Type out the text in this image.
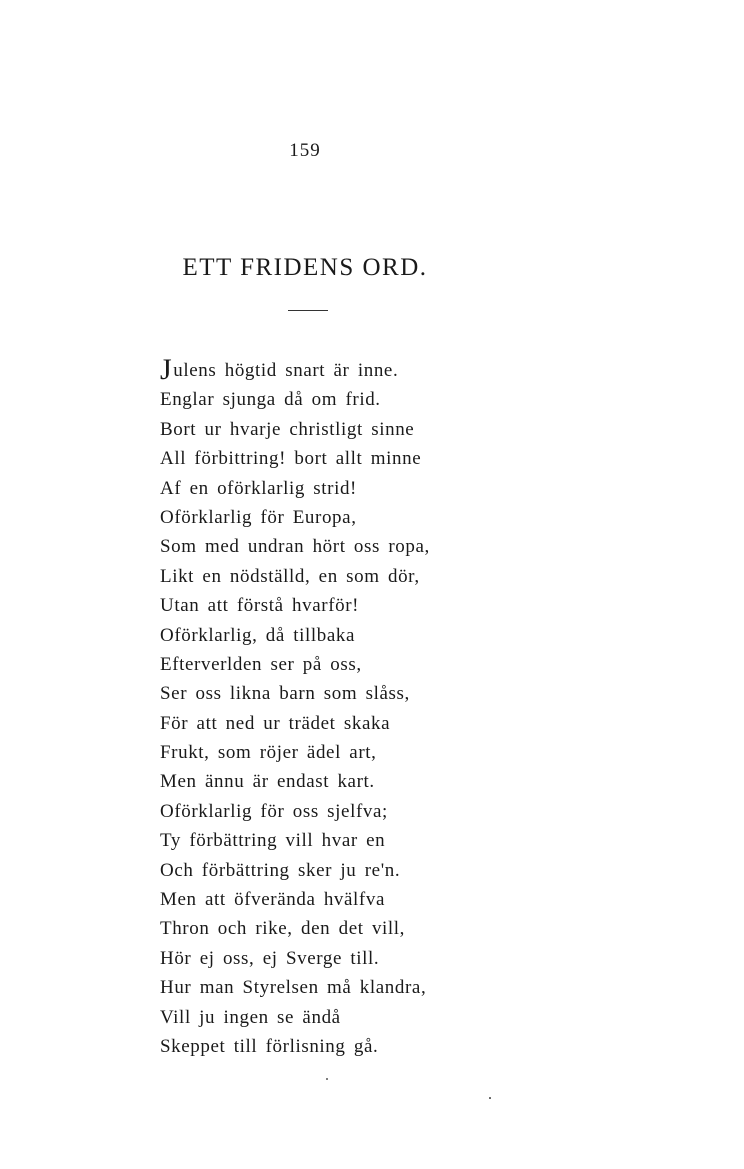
159
ETT FRIDENS ORD.
Julens högtid snart är inne.
Englar sjunga då om frid.
Bort ur hvarje christligt sinne
All förbittring! bort allt minne
Af en oförklarlig strid!
Oförklarlig för Europa,
Som med undran hört oss ropa,
Likt en nödställd, en som dör,
Utan att förstå hvarför!
Oförklarlig, då tillbaka
Efterverlden ser på oss,
Ser oss likna barn som slåss,
För att ned ur trädet skaka
Frukt, som röjer ädel art,
Men ännu är endast kart.
Oförklarlig för oss sjelfva;
Ty förbättring vill hvar en
Och förbättring sker ju re'n.
Men att öfverända hvälfva
Thron och rike, den det vill,
Hör ej oss, ej Sverge till.
Hur man Styrelsen må klandra,
Vill ju ingen se ändå
Skeppet till förlisning gå.
